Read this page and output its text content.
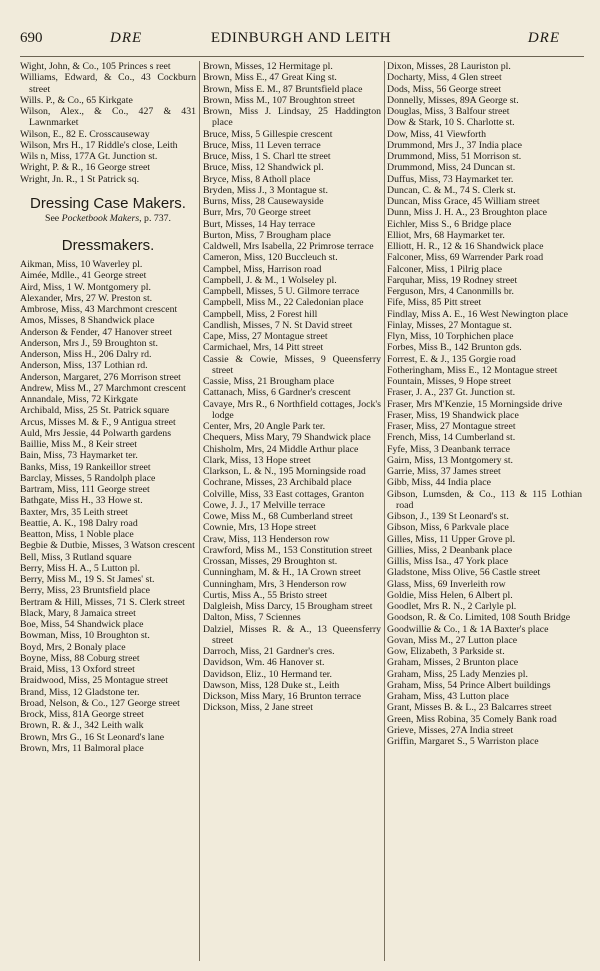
690	DRE	EDINBURGH AND LEITH	DRE
Wight, John, & Co., 105 Princes s reet
Williams, Edward, & Co., 43 Cockburn street
Wills. P., & Co., 65 Kirkgate
Wilson, Alex., & Co., 427 & 431 Lawnmarket
Wilson, E., 82 E. Crosscauseway
Wilson, Mrs H., 17 Riddle's close, Leith
Wils n, Miss, 177A Gt. Junction st.
Wright, P. & R., 16 George street
Wright, Jn. R., 1 St Patrick sq.
Dressing Case Makers.
See Pocketbook Makers, p. 737.
Dressmakers.
Aikman, Miss, 10 Waverley pl.
Aimée, Mdlle., 41 George street
Aird, Miss, 1 W. Montgomery pl.
Alexander, Mrs, 27 W. Preston st.
Ambrose, Miss, 43 Marchmont crescent
Amos, Misses, 8 Shandwick place
Anderson & Fender, 47 Hanover street
Anderson, Mrs J., 59 Broughton st.
Anderson, Miss H., 206 Dalry rd.
Anderson, Miss, 137 Lothian rd.
Anderson, Margaret, 276 Morrison street
Andrew, Miss M., 27 Marchmont crescent
Annandale, Miss, 72 Kirkgate
Archibald, Miss, 25 St. Patrick square
Arcus, Misses M. & F., 9 Antigua street
Auld, Mrs Jessie, 44 Polwarth gardens
Baillie, Miss M., 8 Keir street
Bain, Miss, 73 Haymarket ter.
Banks, Miss, 19 Rankeillor street
Barclay, Misses, 5 Randolph place
Bartram, Miss, 111 George street
Bathgate, Miss H., 33 Howe st.
Baxter, Mrs, 35 Leith street
Beattie, A. K., 198 Dalry road
Beatton, Miss, 1 Noble place
Begbie & Dutbie, Misses, 3 Watson crescent
Bell, Miss, 3 Rutland square
Berry, Miss H. A., 5 Lutton pl.
Berry, Miss M., 19 S. St James' st.
Berry, Miss, 23 Bruntsfield place
Bertram & Hill, Misses, 71 S. Clerk street
Black, Mary, 8 Jamaica street
Boe, Miss, 54 Shandwick place
Bowman, Miss, 10 Broughton st.
Boyd, Mrs, 2 Bonaly place
Boyne, Miss, 88 Coburg street
Braid, Miss, 13 Oxford street
Braidwood, Miss, 25 Montague street
Brand, Miss, 12 Gladstone ter.
Broad, Nelson, & Co., 127 George street
Brock, Miss, 81A George street
Brown, R. & J., 342 Leith walk
Brown, Mrs G., 16 St Leonard's lane
Brown, Mrs, 11 Balmoral place
Brown, Misses, 12 Hermitage pl.
Brown, Miss E., 47 Great King st.
Brown, Miss E. M., 87 Bruntsfield place
Brown, Miss M., 107 Broughton street
Brown, Miss J. Lindsay, 25 Haddington place
Bruce, Miss, 5 Gillespie crescent
Bruce, Miss, 11 Leven terrace
Bruce, Miss, 1 S. Charl tte street
Bruce, Miss, 12 Shandwick pl.
Bryce, Miss, 8 Atholl place
Bryden, Miss J., 3 Montague st.
Burns, Miss, 28 Causewayside
Burr, Mrs, 70 George street
Burt, Misses, 14 Hay terrace
Burton, Miss, 7 Brougham place
Caldwell, Mrs Isabella, 22 Primrose terrace
Cameron, Miss, 120 Buccleuch st.
Campbel, Miss, Harrison road
Campbell, J. & M., 1 Wolseley pl.
Campbell, Misses, 5 U. Gilmore terrace
Campbell, Miss M., 22 Caledonian place
Campbell, Miss, 2 Forest hill
Candlish, Misses, 7 N. St David street
Cape, Miss, 27 Montague street
Carmichael, Mrs, 14 Pitt street
Cassie & Cowie, Misses, 9 Queensferry street
Cassie, Miss, 21 Brougham place
Cattanach, Miss, 6 Gardner's crescent
Cavaye, Mrs R., 6 Northfield cottages, Jock's lodge
Center, Mrs, 20 Angle Park ter.
Chequers, Miss Mary, 79 Shandwick place
Chisholm, Mrs, 24 Middle Arthur place
Clark, Miss, 13 Hope street
Clarkson, L. & N., 195 Morningside road
Cochrane, Misses, 23 Archibald place
Colville, Miss, 33 East cottages, Granton
Cowe, J. J., 17 Melville terrace
Cowe, Miss M., 68 Cumberland street
Cownie, Mrs, 13 Hope street
Craw, Miss, 113 Henderson row
Crawford, Miss M., 153 Constitution street
Crossan, Misses, 29 Broughton st.
Cunningham, M. & H., 1A Crown street
Cunningham, Mrs, 3 Henderson row
Curtis, Miss A., 55 Bristo street
Dalgleish, Miss Darcy, 15 Brougham street
Dalton, Miss, 7 Sciennes
Dalziel, Misses R. & A., 13 Queensferry street
Darroch, Miss, 21 Gardner's cres.
Davidson, Wm. 46 Hanover st.
Davidson, Eliz., 10 Hermand ter.
Dawson, Miss, 128 Duke st., Leith
Dickson, Miss Mary, 16 Brunton terrace
Dickson, Miss, 2 Jane street
Dixon, Misses, 28 Lauriston pl.
Docharty, Miss, 4 Glen street
Dods, Miss, 56 George street
Donnelly, Misses, 89A George st.
Douglas, Miss, 3 Balfour street
Dow & Stark, 10 S. Charlotte st.
Dow, Miss, 41 Viewforth
Drummond, Mrs J., 37 India place
Drummond, Miss, 51 Morrison st.
Drummond, Miss, 24 Duncan st.
Duffus, Miss, 73 Haymarket ter.
Duncan, C. & M., 74 S. Clerk st.
Duncan, Miss Grace, 45 William street
Dunn, Miss J. H. A., 23 Broughton place
Eichler, Miss S., 6 Bridge place
Elliot, Mrs, 68 Haymarket ter.
Elliott, H. R., 12 & 16 Shandwick place
Falconer, Miss, 69 Warrender Park road
Falconer, Miss, 1 Pilrig place
Farquhar, Miss, 19 Rodney street
Ferguson, Mrs, 4 Canonmills br.
Fife, Miss, 85 Pitt street
Findlay, Miss A. E., 16 West Newington place
Finlay, Misses, 27 Montague st.
Flyn, Miss, 10 Torphichen place
Forbes, Miss B., 142 Brunton gds.
Forrest, E. & J., 135 Gorgie road
Fotheringham, Miss E., 12 Montague street
Fountain, Misses, 9 Hope street
Fraser, J. A., 237 Gt. Junction st.
Fraser, Mrs M'Kenzie, 15 Morningside drive
Fraser, Miss, 19 Shandwick place
Fraser, Miss, 27 Montague street
French, Miss, 14 Cumberland st.
Fyfe, Miss, 3 Deanbank terrace
Gairn, Miss, 13 Montgomery st.
Garrie, Miss, 37 James street
Gibb, Miss, 44 India place
Gibson, Lumsden, & Co., 113 & 115 Lothian road
Gibson, J., 139 St Leonard's st.
Gibson, Miss, 6 Parkvale place
Gilles, Miss, 11 Upper Grove pl.
Gillies, Miss, 2 Deanbank place
Gillis, Miss Isa., 47 York place
Gladstone, Miss Olive, 56 Castle street
Glass, Miss, 69 Inverleith row
Goldie, Miss Helen, 6 Albert pl.
Goodlet, Mrs R. N., 2 Carlyle pl.
Goodson, R. & Co. Limited, 108 South Bridge
Goodwillie & Co., 1 & 1A Baxter's place
Govan, Miss M., 27 Lutton place
Gow, Elizabeth, 3 Parkside st.
Graham, Misses, 2 Brunton place
Graham, Miss, 25 Lady Menzies pl.
Graham, Miss, 54 Prince Albert buildings
Graham, Miss, 43 Lutton place
Grant, Misses B. & L., 23 Balcarres street
Green, Miss Robina, 35 Comely Bank road
Grieve, Misses, 27A India street
Griffin, Margaret S., 5 Warriston place
